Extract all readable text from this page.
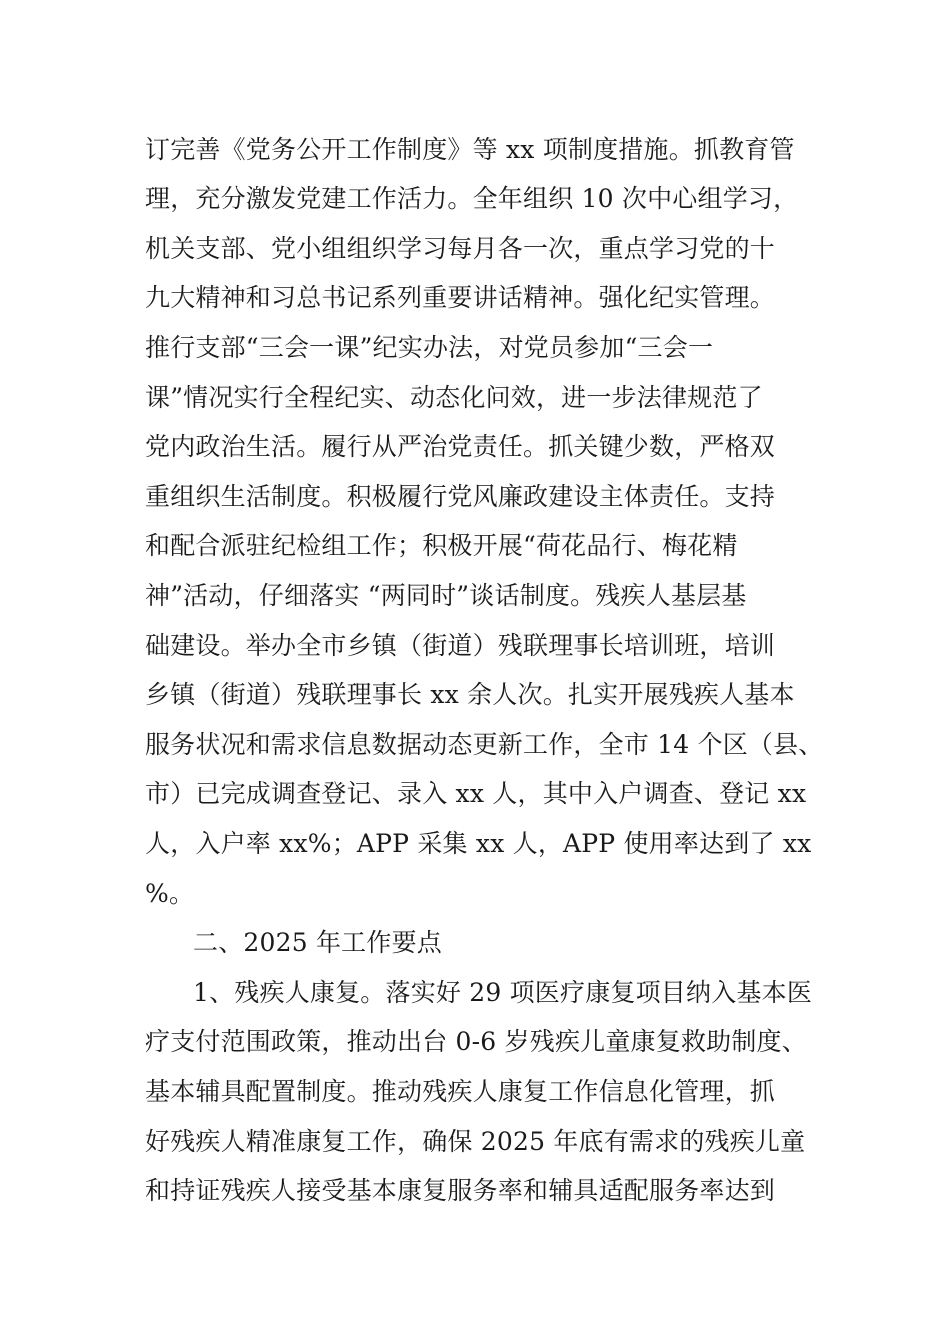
订完善《党务公开工作制度》等 xx 项制度措施。抓教育管
理，充分激发党建工作活力。全年组织 10 次中心组学习，
机关支部、党小组组织学习每月各一次，重点学习党的十
九大精神和习总书记系列重要讲话精神。强化纪实管理。
推行支部“三会一课”纪实办法，对党员参加“三会一
课”情况实行全程纪实、动态化问效，进一步法律规范了
党内政治生活。履行从严治党责任。抓关键少数，严格双
重组织生活制度。积极履行党风廉政建设主体责任。支持
和配合派驻纪检组工作；积极开展“荷花品行、梅花精
神”活动，仔细落实 “两同时”谈话制度。残疾人基层基
础建设。举办全市乡镇（街道）残联理事长培训班，培训
乡镇（街道）残联理事长 xx 余人次。扎实开展残疾人基本
服务状况和需求信息数据动态更新工作，全市 14 个区（县、
市）已完成调查登记、录入 xx 人，其中入户调查、登记 xx
人，入户率 xx%；APP 采集 xx 人，APP 使用率达到了 xx
%。
二、2025 年工作要点
1、残疾人康复。落实好 29 项医疗康复项目纳入基本医
疗支付范围政策，推动出台 0-6 岁残疾儿童康复救助制度、
基本辅具配置制度。推动残疾人康复工作信息化管理，抓
好残疾人精准康复工作，确保 2025 年底有需求的残疾儿童
和持证残疾人接受基本康复服务率和辅具适配服务率达到
